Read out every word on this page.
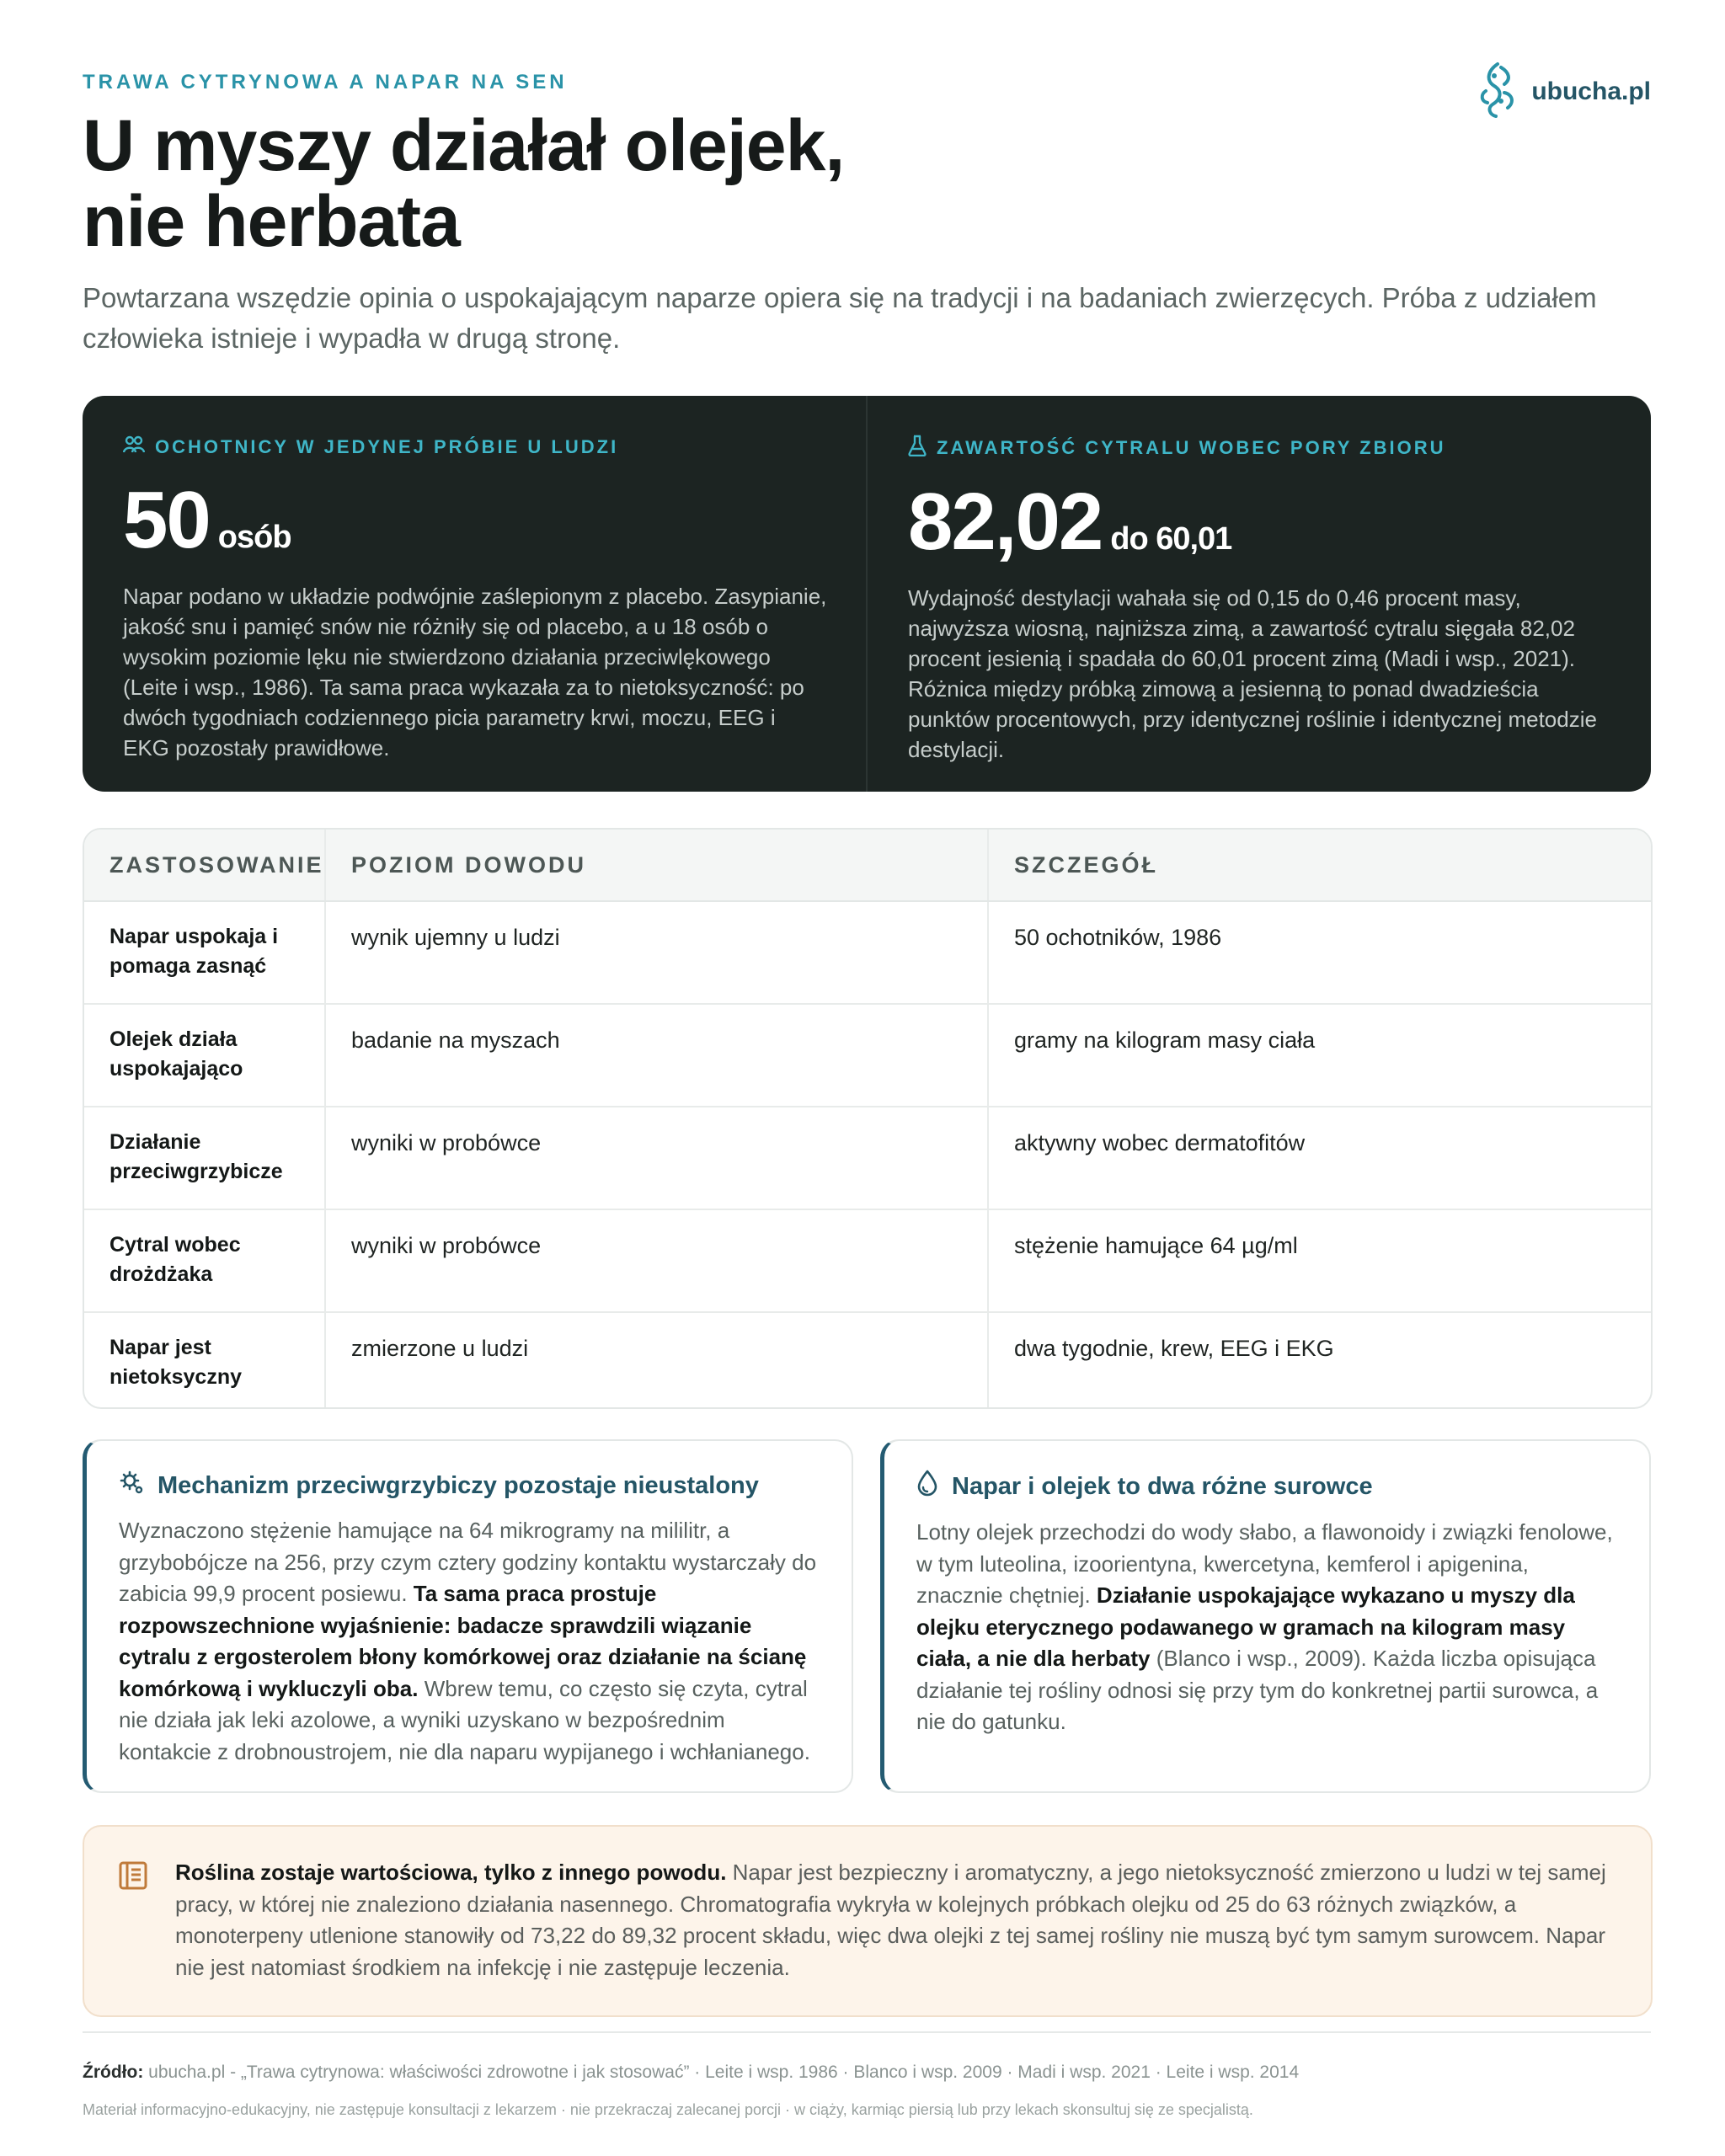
TRAWA CYTRYNOWA A NAPAR NA SEN
U myszy działał olejek,
nie herbata
ubucha.pl

Powtarzana wszędzie opinia o uspokajającym naparze opiera się na tradycji i na badaniach zwierzęcych. Próba z udziałem człowieka istnieje i wypadła w drugą stronę.

OCHOTNICY W JEDYNEJ PRÓBIE U LUDZI
50 osób
Napar podano w układzie podwójnie zaślepionym z placebo. Zasypianie, jakość snu i pamięć snów nie różniły się od placebo, a u 18 osób o wysokim poziomie lęku nie stwierdzono działania przeciwlękowego (Leite i wsp., 1986). Ta sama praca wykazała za to nietoksyczność: po dwóch tygodniach codziennego picia parametry krwi, moczu, EEG i EKG pozostały prawidłowe.
ZAWARTOŚĆ CYTRALU WOBEC PORY ZBIORU
82,02 do 60,01
Wydajność destylacji wahała się od 0,15 do 0,46 procent masy, najwyższa wiosną, najniższa zimą, a zawartość cytralu sięgała 82,02 procent jesienią i spadała do 60,01 procent zimą (Madi i wsp., 2021). Różnica między próbką zimową a jesienną to ponad dwadzieścia punktów procentowych, przy identycznej roślinie i identycznej metodzie destylacji.
ZASTOSOWANIE	POZIOM DOWODU	SZCZEGÓŁ
Napar uspokaja i pomaga zasnąć	wynik ujemny u ludzi	50 ochotników, 1986
Olejek działa uspokajająco	badanie na myszach	gramy na kilogram masy ciała
Działanie przeciwgrzybicze	wyniki w probówce	aktywny wobec dermatofitów
Cytral wobec drożdżaka	wyniki w probówce	stężenie hamujące 64 µg/ml
Napar jest nietoksyczny	zmierzone u ludzi	dwa tygodnie, krew, EEG i EKG
Mechanizm przeciwgrzybiczy pozostaje nieustalony
Wyznaczono stężenie hamujące na 64 mikrogramy na mililitr, a grzybobójcze na 256, przy czym cztery godziny kontaktu wystarczały do zabicia 99,9 procent posiewu. Ta sama praca prostuje rozpowszechnione wyjaśnienie: badacze sprawdzili wiązanie cytralu z ergosterolem błony komórkowej oraz działanie na ścianę komórkową i wykluczyli oba. Wbrew temu, co często się czyta, cytral nie działa jak leki azolowe, a wyniki uzyskano w bezpośrednim kontakcie z drobnoustrojem, nie dla naparu wypijanego i wchłanianego.
Napar i olejek to dwa różne surowce
Lotny olejek przechodzi do wody słabo, a flawonoidy i związki fenolowe, w tym luteolina, izoorientyna, kwercetyna, kemferol i apigenina, znacznie chętniej. Działanie uspokajające wykazano u myszy dla olejku eterycznego podawanego w gramach na kilogram masy ciała, a nie dla herbaty (Blanco i wsp., 2009). Każda liczba opisująca działanie tej rośliny odnosi się przy tym do konkretnej partii surowca, a nie do gatunku.
Roślina zostaje wartościowa, tylko z innego powodu. Napar jest bezpieczny i aromatyczny, a jego nietoksyczność zmierzono u ludzi w tej samej pracy, w której nie znaleziono działania nasennego. Chromatografia wykryła w kolejnych próbkach olejku od 25 do 63 różnych związków, a monoterpeny utlenione stanowiły od 73,22 do 89,32 procent składu, więc dwa olejki z tej samej rośliny nie muszą być tym samym surowcem. Napar nie jest natomiast środkiem na infekcję i nie zastępuje leczenia.
Źródło: ubucha.pl - „Trawa cytrynowa: właściwości zdrowotne i jak stosować” · Leite i wsp. 1986 · Blanco i wsp. 2009 · Madi i wsp. 2021 · Leite i wsp. 2014
Materiał informacyjno-edukacyjny, nie zastępuje konsultacji z lekarzem · nie przekraczaj zalecanej porcji · w ciąży, karmiąc piersią lub przy lekach skonsultuj się ze specjalistą.
